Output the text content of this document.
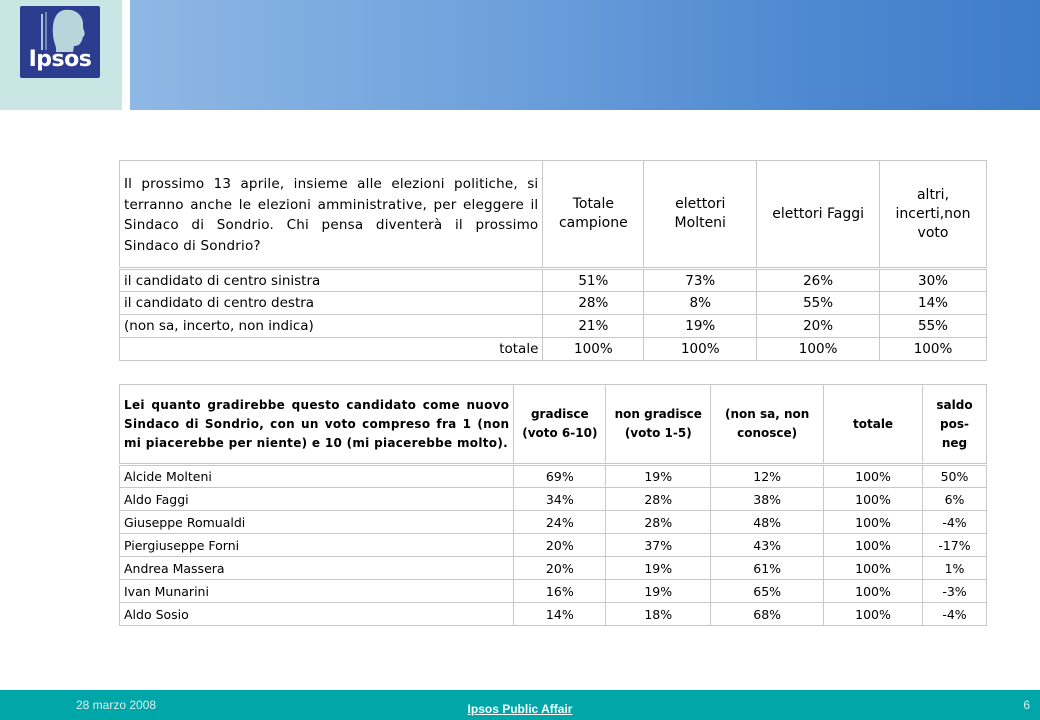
Ipsos
Il prossimo 13 aprile, insieme alle elezioni politiche, si terranno anche le elezioni amministrative, per eleggere il Sindaco di Sondrio. Chi pensa diventerà il prossimo Sindaco di Sondrio?	Totale campione	elettori Molteni	elettori Faggi	altri, incerti,non voto
il candidato di centro sinistra	51%	73%	26%	30%
il candidato di centro destra	28%	8%	55%	14%
(non sa, incerto, non indica)	21%	19%	20%	55%
totale	100%	100%	100%	100%
Lei quanto gradirebbe questo candidato come nuovo Sindaco di Sondrio, con un voto compreso fra 1 (non mi piacerebbe per niente) e 10 (mi piacerebbe molto).	gradisce (voto 6-10)	non gradisce (voto 1-5)	(non sa, non conosce)	totale	saldo pos-neg
Alcide Molteni	69%	19%	12%	100%	50%
Aldo Faggi	34%	28%	38%	100%	6%
Giuseppe Romualdi	24%	28%	48%	100%	-4%
Piergiuseppe Forni	20%	37%	43%	100%	-17%
Andrea Massera	20%	19%	61%	100%	1%
Ivan Munarini	16%	19%	65%	100%	-3%
Aldo Sosio	14%	18%	68%	100%	-4%
28 marzo 2008	Ipsos Public Affair	6
